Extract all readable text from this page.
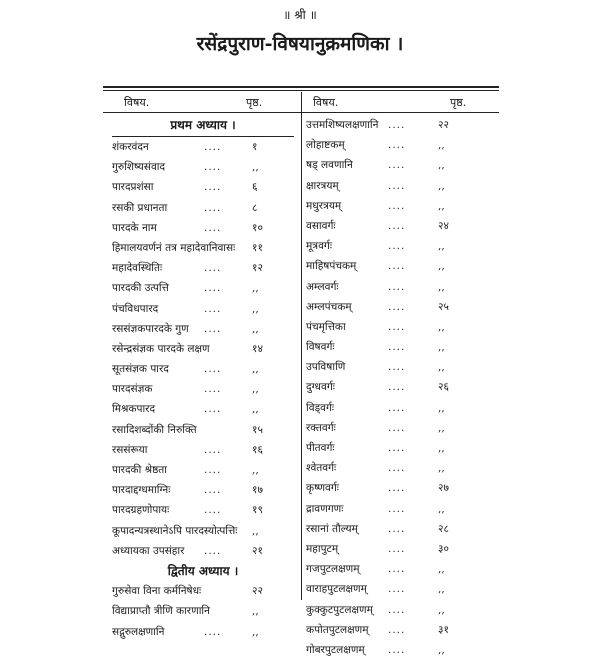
॥ श्री ॥
रसेंद्रपुराण-विषयानुक्रमणिका ।
विषय.	पृष्ठ.	विषय.	पृष्ठ.
प्रथम अध्याय ।
शंकरवंदन	....	१
गुरुशिष्यसंवाद	....	,,
पारदप्रशंसा	....	६
रसकी प्रधानता	....	८
पारदके नाम	....	१०
हिमालयवर्णनं तत्र महादेवानिवासः ११
महादेवस्थितिः	....	१२
पारदकी उत्पत्ति	....	,,
पंचविधपारद	....	,,
रससंज्ञकपारदके गुण ....	,,
रसेन्द्रसंज्ञक पारदके लक्षण	१४
सूतसंज्ञक पारद	....	,,
पारदसंज्ञक	....	,,
मिश्रकपारद	....	,,
रसादिशब्दोंकी निरुक्ति	१५
रससंरूया	....	१६
पारदकी श्रेष्ठता	....	,,
पारदाद्दग्धमाग्निः	....	१७
पारदग्रहणोपायः	....	१९
कूपादन्यत्रस्थानेऽपि पारदस्योत्पत्तिः ,,
अध्यायका उपसंहार ....	२१
द्वितीय अध्याय ।
गुरुसेवा विना कर्मनिषेधः	२२
विद्याप्राप्तौ त्रीणि कारणानि	,,
सद्गुरुलक्षणानि	....	,,
उत्तमशिष्यलक्षणानि ....	२२
लोहाष्टकम्	....	,,
षड् लवणानि	....	,,
क्षारत्रयम्	....	,,
मधुरत्रयम्	....	,,
वसावर्गः	....	२४
मूत्रवर्गः	....	,,
माहिषपंचकम्	....	,,
अम्लवर्गः	....	,,
अम्लपंचकम्	....	२५
पंचमृत्तिका	....	,,
विषवर्गः	....	,,
उपविषाणि	....	,,
दुग्धवर्गः	....	२६
विड्वर्गः	....	,,
रक्तवर्गः	....	,,
पीतवर्गः	....	,,
श्वेतवर्गः	....	,,
कृष्णवर्गः	....	२७
द्रावणगणः	....	,,
रसानां तौल्यम्	....	२८
महापुटम्	....	३०
गजपुटलक्षणम्	....	,,
वाराहपुटलक्षणम् ....	,,
कुक्कुटपुटलक्षणम् ....	,,
कपोतपुटलक्षणम् ....	३१
गोबरपुटलक्षणम् ....	,,
